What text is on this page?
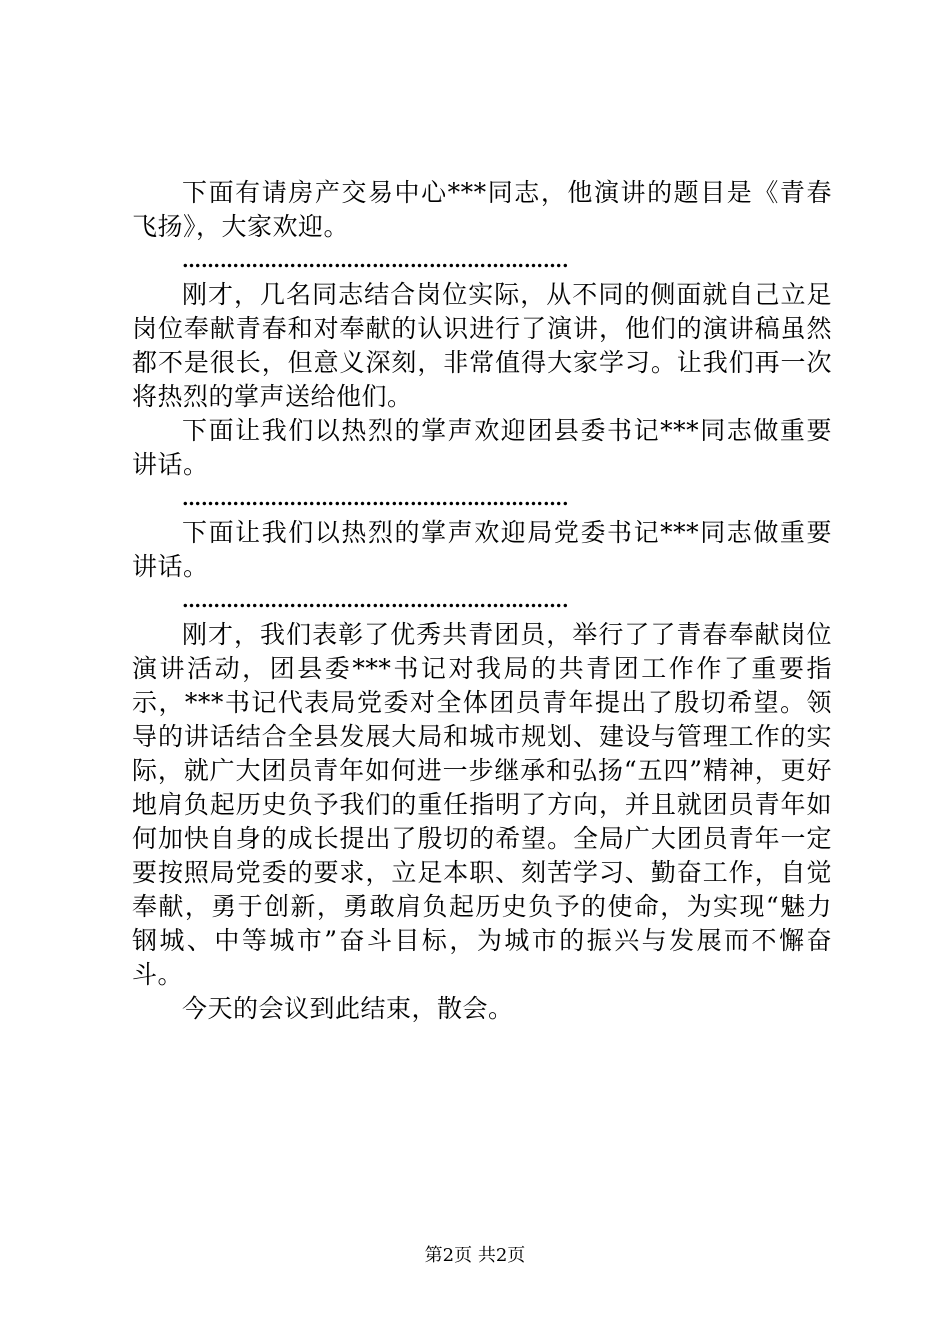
下面有请房产交易中心***同志，他演讲的题目是《青春飞扬》，大家欢迎。

…………………………………………………….

刚才，几名同志结合岗位实际，从不同的侧面就自己立足岗位奉献青春和对奉献的认识进行了演讲，他们的演讲稿虽然都不是很长，但意义深刻，非常值得大家学习。让我们再一次将热烈的掌声送给他们。

下面让我们以热烈的掌声欢迎团县委书记***同志做重要讲话。

…………………………………………………….

下面让我们以热烈的掌声欢迎局党委书记***同志做重要讲话。

…………………………………………………….

刚才，我们表彰了优秀共青团员，举行了了青春奉献岗位演讲活动，团县委***书记对我局的共青团工作作了重要指示，***书记代表局党委对全体团员青年提出了殷切希望。领导的讲话结合全县发展大局和城市规划、建设与管理工作的实际，就广大团员青年如何进一步继承和弘扬“五四”精神，更好地肩负起历史负予我们的重任指明了方向，并且就团员青年如何加快自身的成长提出了殷切的希望。全局广大团员青年一定要按照局党委的要求，立足本职、刻苦学习、勤奋工作，自觉奉献，勇于创新，勇敢肩负起历史负予的使命，为实现“魅力钢城、中等城市”奋斗目标，为城市的振兴与发展而不懈奋斗。

今天的会议到此结束，散会。

第2页 共2页
